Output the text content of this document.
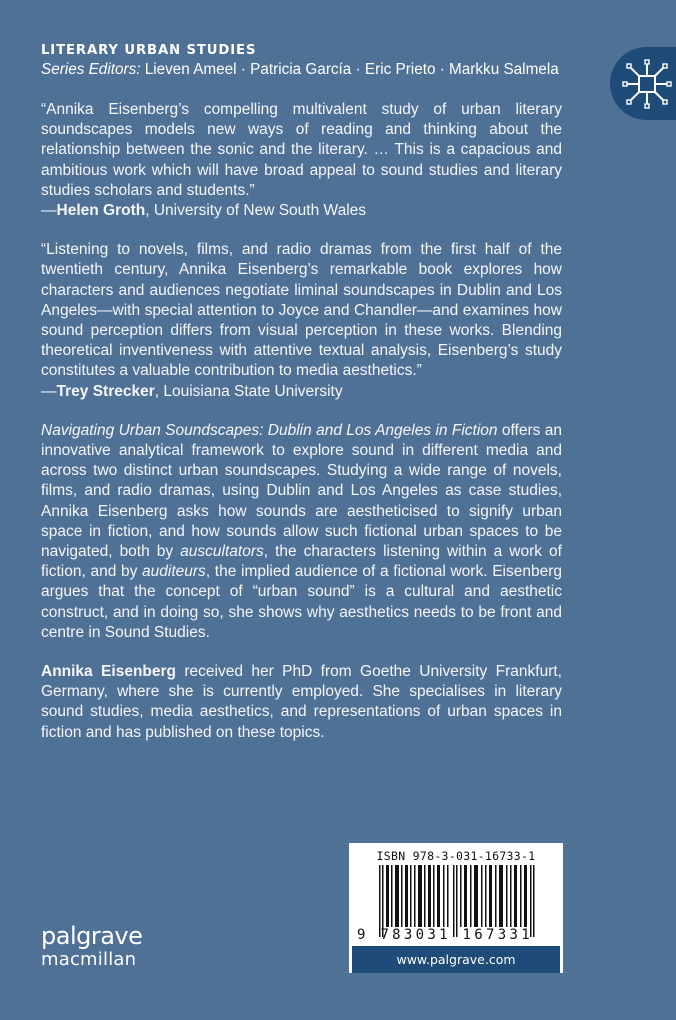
LITERARY URBAN STUDIES
Series Editors: Lieven Ameel · Patricia García · Eric Prieto · Markku Salmela
“Annika Eisenberg’s compelling multivalent study of urban literary soundscapes models new ways of reading and thinking about the relationship between the sonic and the literary. … This is a capacious and ambitious work which will have broad appeal to sound studies and literary studies scholars and students.”
—Helen Groth, University of New South Wales
“Listening to novels, films, and radio dramas from the first half of the twentieth century, Annika Eisenberg’s remarkable book explores how characters and audiences negotiate liminal soundscapes in Dublin and Los Angeles—with special attention to Joyce and Chandler—and examines how sound perception differs from visual perception in these works. Blending theoretical inventiveness with attentive textual analysis, Eisenberg’s study constitutes a valuable contribution to media aesthetics.”
—Trey Strecker, Louisiana State University
Navigating Urban Soundscapes: Dublin and Los Angeles in Fiction offers an innovative analytical framework to explore sound in different media and across two distinct urban soundscapes. Studying a wide range of novels, films, and radio dramas, using Dublin and Los Angeles as case studies, Annika Eisenberg asks how sounds are aestheticised to signify urban space in fiction, and how sounds allow such fictional urban spaces to be navigated, both by auscultators, the characters listening within a work of fiction, and by auditeurs, the implied audience of a fictional work. Eisenberg argues that the concept of “urban sound” is a cultural and aesthetic construct, and in doing so, she shows why aesthetics needs to be front and centre in Sound Studies.
Annika Eisenberg received her PhD from Goethe University Frankfurt, Germany, where she is currently employed. She specialises in literary sound studies, media aesthetics, and representations of urban spaces in fiction and has published on these topics.
ISBN 978-3-031-16733-1
9 783031 167331
www.palgrave.com
palgrave
macmillan
